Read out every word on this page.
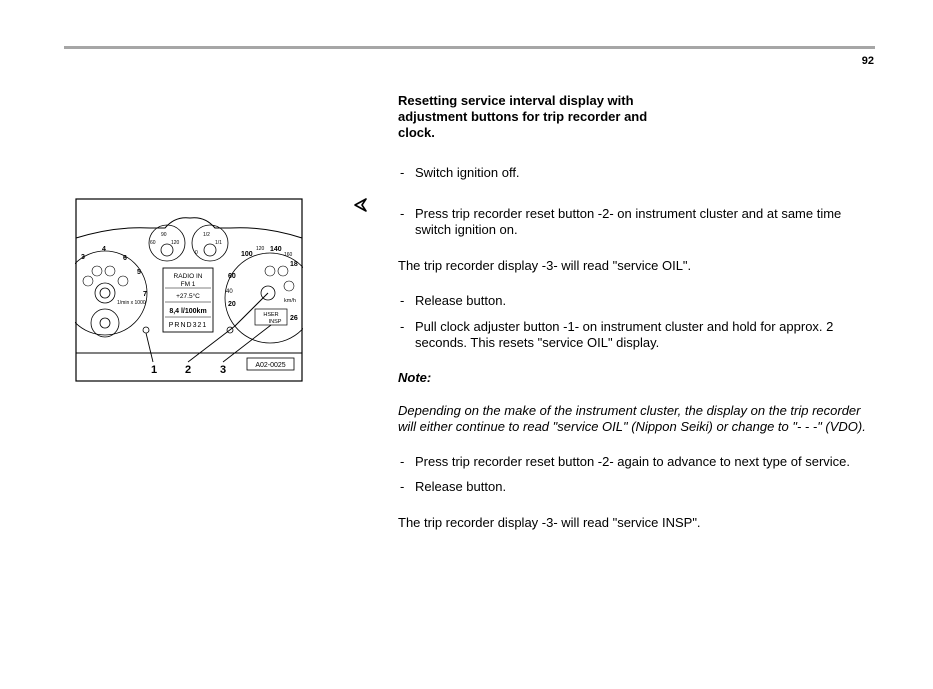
92
3
4
5
6
7
1/min x 1000
90
120
60
1/2
1/1
0
RADIO IN
FM 1
+27.5°C
8,4 l/100km
PRND321
HSER
INSP
20
26
40
60
100
120 140
160
18
km/h
1	2	3	A02-0025

Resetting service interval display with adjustment buttons for trip recorder and clock.

- Switch ignition off.
- Press trip recorder reset button -2- on instrument cluster and at same time switch ignition on.

The trip recorder display -3- will read "service OIL".

- Release button.
- Pull clock adjuster button -1- on instrument cluster and hold for approx. 2 seconds. This resets "service OIL" display.

Note:

Depending on the make of the instrument cluster, the display on the trip recorder will either continue to read "service OIL" (Nippon Seiki) or change to "- - -" (VDO).

- Press trip recorder reset button -2- again to advance to next type of service.
- Release button.

The trip recorder display -3- will read "service INSP".
